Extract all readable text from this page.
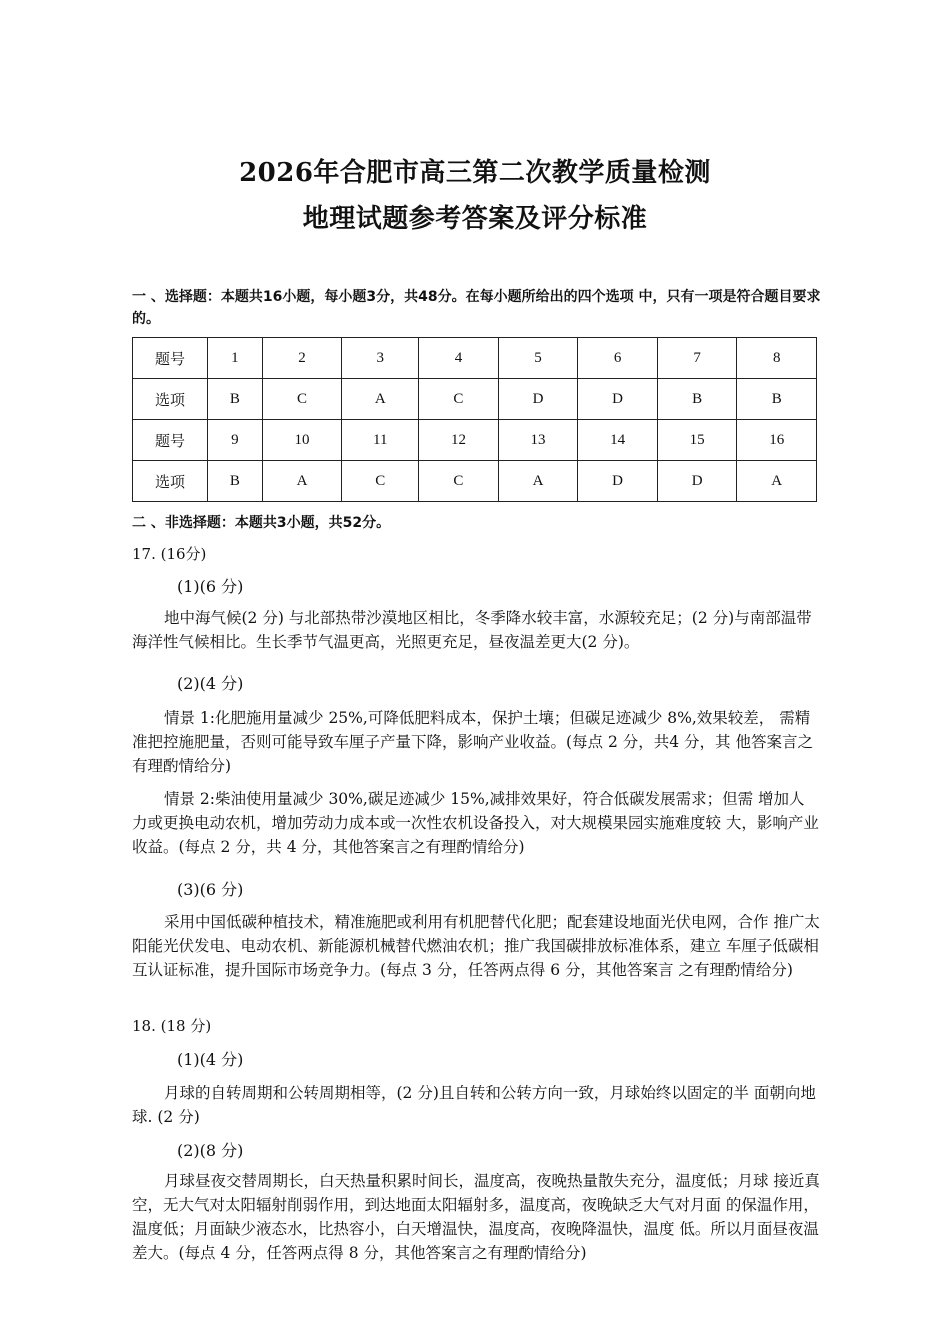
2026年合肥市高三第二次教学质量检测
地理试题参考答案及评分标准
一 、选择题：本题共16小题，每小题3分，共48分。在每小题所给出的四个选项 中，只有一项是符合题目要求的。
题号	1	2	3	4	5	6	7	8
选项	B	C	A	C	D	D	B	B
题号	9	10	11	12	13	14	15	16
选项	B	A	C	C	A	D	D	A
二 、非选择题：本题共3小题，共52分。
17. (16分)
(1)(6 分)

地中海气候(2 分) 与北部热带沙漠地区相比，冬季降水较丰富，水源较充足；(2 分)与南部温带海洋性气候相比。生长季节气温更高，光照更充足，昼夜温差更大(2 分)。

(2)(4 分)

情景 1:化肥施用量减少 25%,可降低肥料成本，保护土壤；但碳足迹减少 8%,效果较差， 需精准把控施肥量，否则可能导致车厘子产量下降，影响产业收益。(每点 2 分，共4 分，其 他答案言之有理酌情给分)

情景 2:柴油使用量减少 30%,碳足迹减少 15%,减排效果好，符合低碳发展需求；但需 增加人力或更换电动农机，增加劳动力成本或一次性农机设备投入，对大规模果园实施难度较 大，影响产业收益。(每点 2 分，共 4 分，其他答案言之有理酌情给分)

(3)(6 分)

采用中国低碳种植技术，精准施肥或利用有机肥替代化肥；配套建设地面光伏电网，合作 推广太阳能光伏发电、电动农机、新能源机械替代燃油农机；推广我国碳排放标准体系，建立 车厘子低碳相互认证标准，提升国际市场竞争力。(每点 3 分，任答两点得 6 分，其他答案言 之有理酌情给分)

18. (18 分)
(1)(4 分)

月球的自转周期和公转周期相等，(2 分)且自转和公转方向一致，月球始终以固定的半 面朝向地球. (2 分)

(2)(8 分)

月球昼夜交替周期长，白天热量积累时间长，温度高，夜晚热量散失充分，温度低；月球 接近真空，无大气对太阳辐射削弱作用，到达地面太阳辐射多，温度高，夜晚缺乏大气对月面 的保温作用，温度低；月面缺少液态水，比热容小，白天增温快，温度高，夜晚降温快，温度 低。所以月面昼夜温差大。(每点 4 分，任答两点得 8 分，其他答案言之有理酌情给分)
